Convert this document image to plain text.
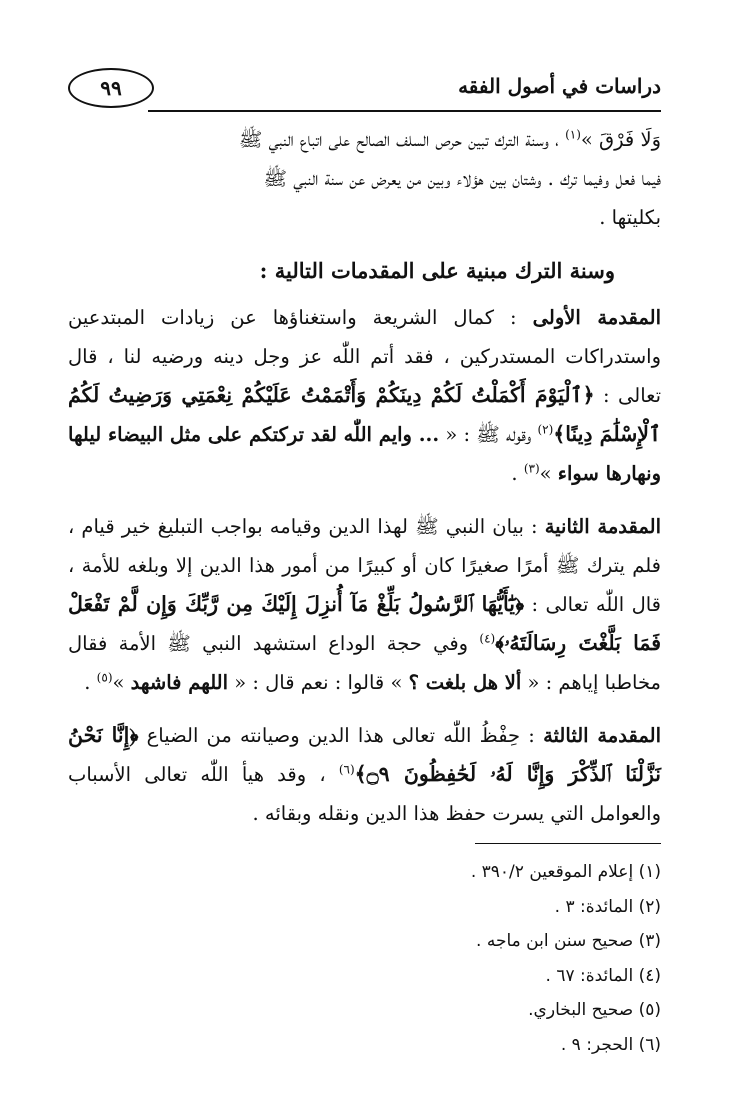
دراسات في أصول الفقه
٩٩

وَلَا فَرْقَ »$^{(١)}$ ، وسنة الترك تبين حرص السلف الصالح على اتباع النبي ﷺ

فيما فعل وفيما ترك . وشتان بين هؤلاء وبين من يعرض عن سنة النبي ﷺ

بكليتها .

وسنة الترك مبنية على المقدمات التالية :

المقدمة الأولى : كمال الشريعة واستغناؤها عن زيادات المبتدعين واستدراكات المستدركين ، فقد أتم اللّٰه عز وجل دينه ورضيه لنا ، قال تعالى : ﴿ٱلْيَوْمَ أَكْمَلْتُ لَكُمْ دِينَكُمْ وَأَتْمَمْتُ عَلَيْكُمْ نِعْمَتِي وَرَضِيتُ لَكُمُ ٱلْإِسْلَٰمَ دِينًا﴾$^{(٢)}$ وقوله ﷺ : « ... وايم اللّٰه لقد تركتكم على مثل البيضاء ليلها ونهارها سواء »$^{(٣)}$ .

المقدمة الثانية : بيان النبي ﷺ لهذا الدين وقيامه بواجب التبليغ خير قيام ، فلم يترك ﷺ أمرًا صغيرًا كان أو كبيرًا من أمور هذا الدين إلا وبلغه للأمة ، قال اللّٰه تعالى : ﴿يَٰٓأَيُّهَا ٱلرَّسُولُ بَلِّغْ مَآ أُنزِلَ إِلَيْكَ مِن رَّبِّكَ وَإِن لَّمْ تَفْعَلْ فَمَا بَلَّغْتَ رِسَالَتَهُۥ﴾$^{(٤)}$ وفي حجة الوداع استشهد النبي ﷺ الأمة فقال مخاطبا إياهم : « ألا هل بلغت ؟ » قالوا : نعم قال : « اللهم فاشهد »$^{(٥)}$ .

المقدمة الثالثة : حِفْظُ اللّٰه تعالى هذا الدين وصيانته من الضياع ﴿إِنَّا نَحْنُ نَزَّلْنَا ٱلذِّكْرَ وَإِنَّا لَهُۥ لَحَٰفِظُونَ ۝٩﴾$^{(٦)}$ ، وقد هيأ اللّٰه تعالى الأسباب والعوامل التي يسرت حفظ هذا الدين ونقله وبقائه .

(١) إعلام الموقعين ٣٩٠/٢ .
(٢) المائدة: ٣ .
(٣) صحيح سنن ابن ماجه .
(٤) المائدة: ٦٧ .
(٥) صحيح البخاري.
(٦) الحجر: ٩ .
